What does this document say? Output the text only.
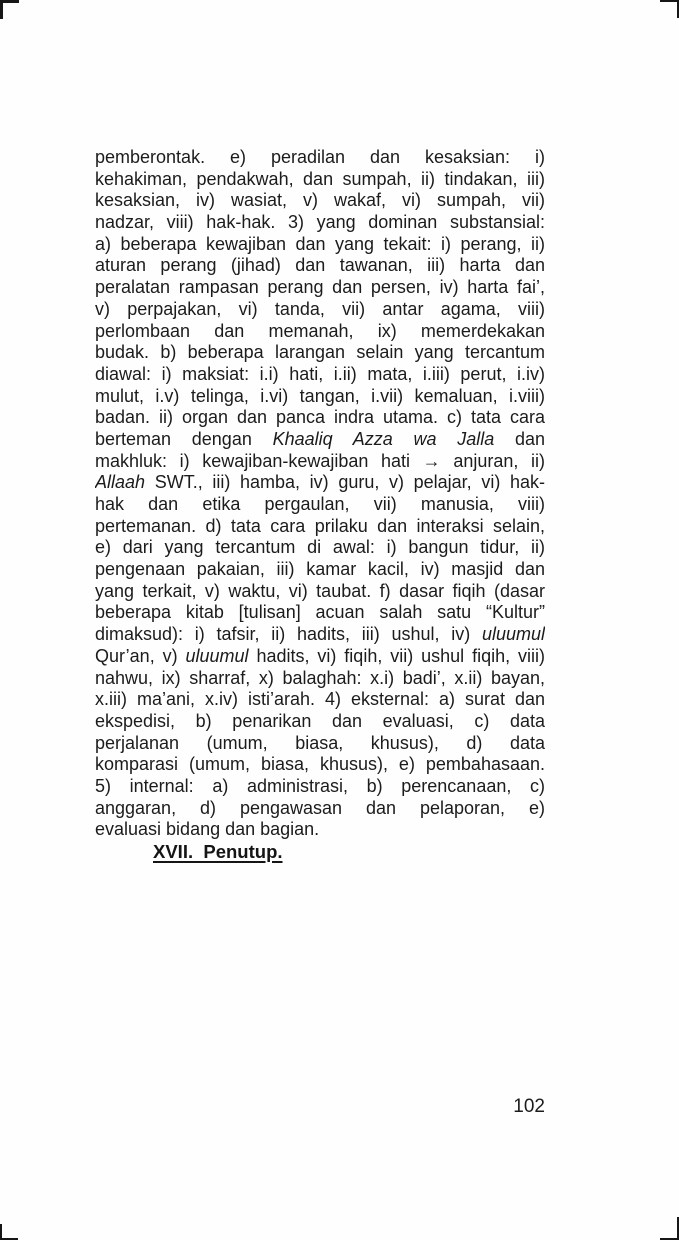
pemberontak. e) peradilan dan kesaksian: i)
kehakiman, pendakwah, dan sumpah, ii) tindakan, iii)
kesaksian, iv) wasiat, v) wakaf, vi) sumpah, vii)
nadzar, viii) hak-hak. 3) yang dominan substansial:
a) beberapa kewajiban dan yang tekait: i) perang, ii)
aturan perang (jihad) dan tawanan, iii) harta dan
peralatan rampasan perang dan persen, iv) harta fai’,
v) perpajakan, vi) tanda, vii) antar agama, viii)
perlombaan dan memanah, ix) memerdekakan
budak. b) beberapa larangan selain yang tercantum
diawal: i) maksiat: i.i) hati, i.ii) mata, i.iii) perut, i.iv)
mulut, i.v) telinga, i.vi) tangan, i.vii) kemaluan, i.viii)
badan. ii) organ dan panca indra utama. c) tata cara
berteman dengan Khaaliq Azza wa Jalla dan
makhluk: i) kewajiban-kewajiban hati → anjuran, ii)
Allaah SWT., iii) hamba, iv) guru, v) pelajar, vi) hak-
hak dan etika pergaulan, vii) manusia, viii)
pertemanan. d) tata cara prilaku dan interaksi selain,
e) dari yang tercantum di awal: i) bangun tidur, ii)
pengenaan pakaian, iii) kamar kacil, iv) masjid dan
yang terkait, v) waktu, vi) taubat. f) dasar fiqih (dasar
beberapa kitab [tulisan] acuan salah satu “Kultur”
dimaksud): i) tafsir, ii) hadits, iii) ushul, iv) uluumul
Qur’an, v) uluumul hadits, vi) fiqih, vii) ushul fiqih, viii)
nahwu, ix) sharraf, x) balaghah: x.i) badi’, x.ii) bayan,
x.iii) ma’ani, x.iv) isti’arah. 4) eksternal: a) surat dan
ekspedisi, b) penarikan dan evaluasi, c) data
perjalanan (umum, biasa, khusus), d) data
komparasi (umum, biasa, khusus), e) pembahasaan.
5) internal: a) administrasi, b) perencanaan, c)
anggaran, d) pengawasan dan pelaporan, e)
evaluasi bidang dan bagian.
XVII.  Penutup.
102
